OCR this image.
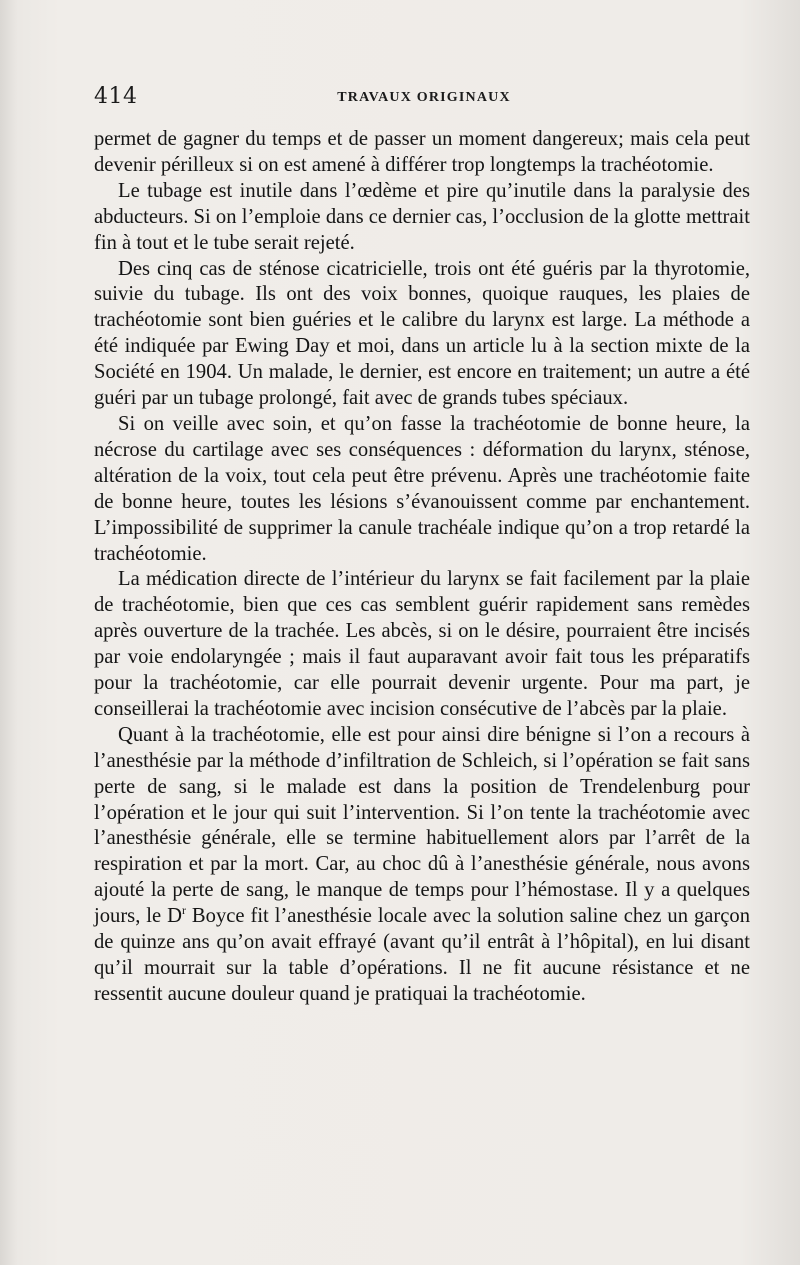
414	TRAVAUX ORIGINAUX

permet de gagner du temps et de passer un moment dangereux; mais cela peut devenir périlleux si on est amené à différer trop longtemps la trachéotomie.

Le tubage est inutile dans l’œdème et pire qu’inutile dans la paralysie des abducteurs. Si on l’emploie dans ce dernier cas, l’occlusion de la glotte mettrait fin à tout et le tube serait rejeté.

Des cinq cas de sténose cicatricielle, trois ont été guéris par la thyrotomie, suivie du tubage. Ils ont des voix bonnes, quoique rauques, les plaies de trachéotomie sont bien guéries et le calibre du larynx est large. La méthode a été indiquée par Ewing Day et moi, dans un article lu à la section mixte de la Société en 1904. Un malade, le dernier, est encore en traitement; un autre a été guéri par un tubage prolongé, fait avec de grands tubes spéciaux.

Si on veille avec soin, et qu’on fasse la trachéotomie de bonne heure, la nécrose du cartilage avec ses conséquences : déformation du larynx, sténose, altération de la voix, tout cela peut être prévenu. Après une trachéotomie faite de bonne heure, toutes les lésions s’évanouissent comme par enchantement. L’impossibilité de supprimer la canule trachéale indique qu’on a trop retardé la trachéotomie.

La médication directe de l’intérieur du larynx se fait facilement par la plaie de trachéotomie, bien que ces cas semblent guérir rapidement sans remèdes après ouverture de la trachée. Les abcès, si on le désire, pourraient être incisés par voie endolaryngée ; mais il faut auparavant avoir fait tous les préparatifs pour la trachéotomie, car elle pourrait devenir urgente. Pour ma part, je conseillerai la trachéotomie avec incision consécutive de l’abcès par la plaie.

Quant à la trachéotomie, elle est pour ainsi dire bénigne si l’on a recours à l’anesthésie par la méthode d’infiltration de Schleich, si l’opération se fait sans perte de sang, si le malade est dans la position de Trendelenburg pour l’opération et le jour qui suit l’intervention. Si l’on tente la trachéotomie avec l’anesthésie générale, elle se termine habituellement alors par l’arrêt de la respiration et par la mort. Car, au choc dû à l’anesthésie générale, nous avons ajouté la perte de sang, le manque de temps pour l’hémostase. Il y a quelques jours, le $D^r$ Boyce fit l’anesthésie locale avec la solution saline chez un garçon de quinze ans qu’on avait effrayé (avant qu’il entrât à l’hôpital), en lui disant qu’il mourrait sur la table d’opérations. Il ne fit aucune résistance et ne ressentit aucune douleur quand je pratiquai la trachéotomie.
